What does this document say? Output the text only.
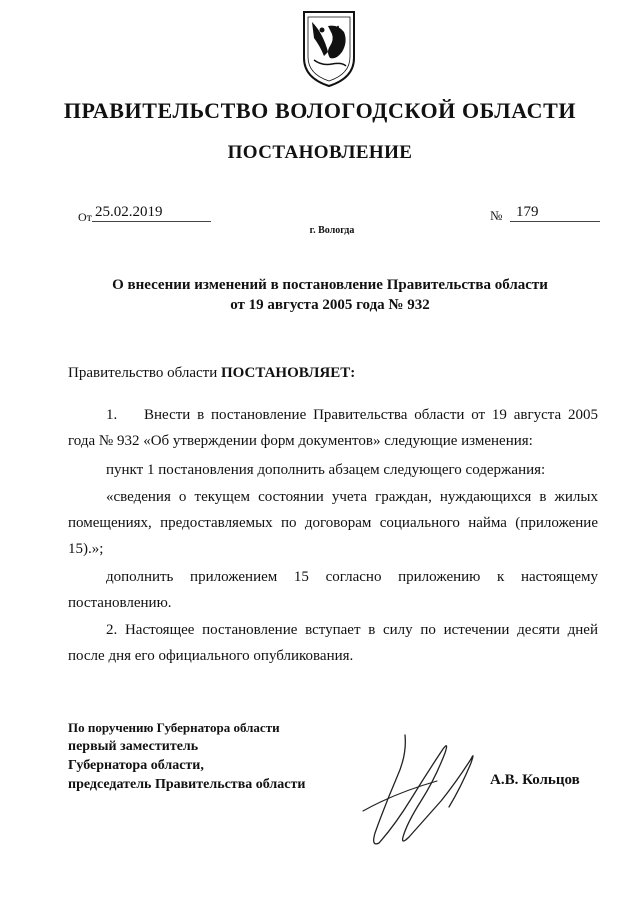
ПРАВИТЕЛЬСТВО ВОЛОГОДСКОЙ ОБЛАСТИ
ПОСТАНОВЛЕНИЕ
От 25.02.2019	№ 179
г. Вологда
О внесении изменений в постановление Правительства области
от 19 августа 2005 года № 932
Правительство области ПОСТАНОВЛЯЕТ:
1. Внести в постановление Правительства области от 19 августа 2005 года № 932 «Об утверждении форм документов» следующие изменения:
пункт 1 постановления дополнить абзацем следующего содержания:
«сведения о текущем состоянии учета граждан, нуждающихся в жилых помещениях, предоставляемых по договорам социального найма (приложение 15).»;
дополнить приложением 15 согласно приложению к настоящему постановлению.
2. Настоящее постановление вступает в силу по истечении десяти дней после дня его официального опубликования.
По поручению Губернатора области
первый заместитель
Губернатора области,
председатель Правительства области	А.В. Кольцов
